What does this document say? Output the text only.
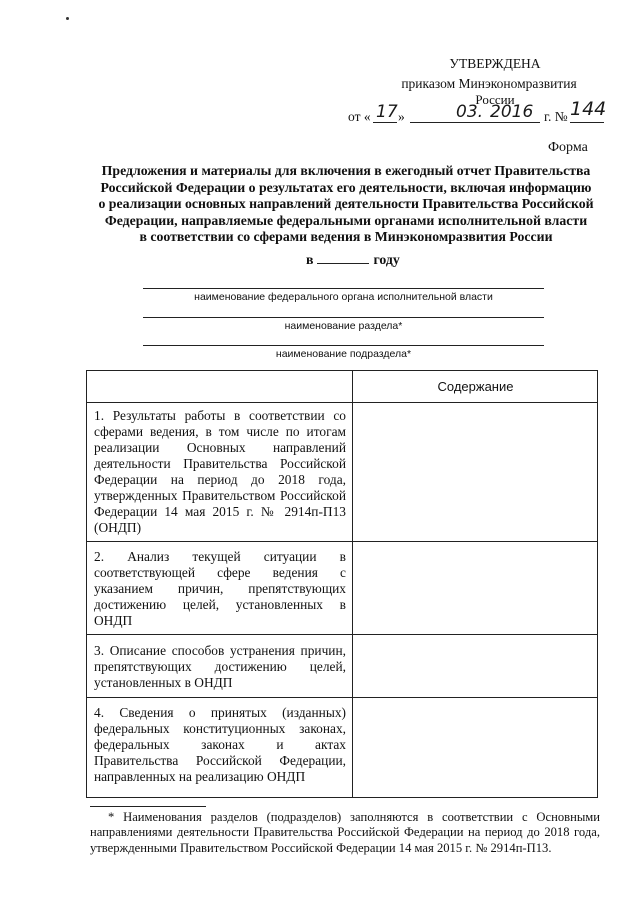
УТВЕРЖДЕНА
приказом Минэкономразвития
России
от « 17 »	03. 2016 г. № 144
Форма
Предложения и материалы для включения в ежегодный отчет Правительства
Российской Федерации о результатах его деятельности, включая информацию
о реализации основных направлений деятельности Правительства Российской
Федерации, направляемые федеральными органами исполнительной власти
в соответствии со сферами ведения в Минэкономразвития России
в	году
наименование федерального органа исполнительной власти
наименование раздела*
наименование подраздела*
Содержание
1. Результаты работы в соответствии со сферами ведения, в том числе по итогам реализации Основных направлений деятельности Правительства Российской Федерации на период до 2018 года, утвержденных Правительством Российской Федерации 14 мая 2015 г. № 2914п-П13 (ОНДП)
2. Анализ текущей ситуации в соответствующей сфере ведения с указанием причин, препятствующих достижению целей, установленных в ОНДП
3. Описание способов устранения причин, препятствующих достижению целей, установленных в ОНДП
4. Сведения о принятых (изданных) федеральных конституционных законах, федеральных законах и актах Правительства Российской Федерации, направленных на реализацию ОНДП
* Наименования разделов (подразделов) заполняются в соответствии с Основными направлениями деятельности Правительства Российской Федерации на период до 2018 года, утвержденными Правительством Российской Федерации 14 мая 2015 г. № 2914п-П13.
